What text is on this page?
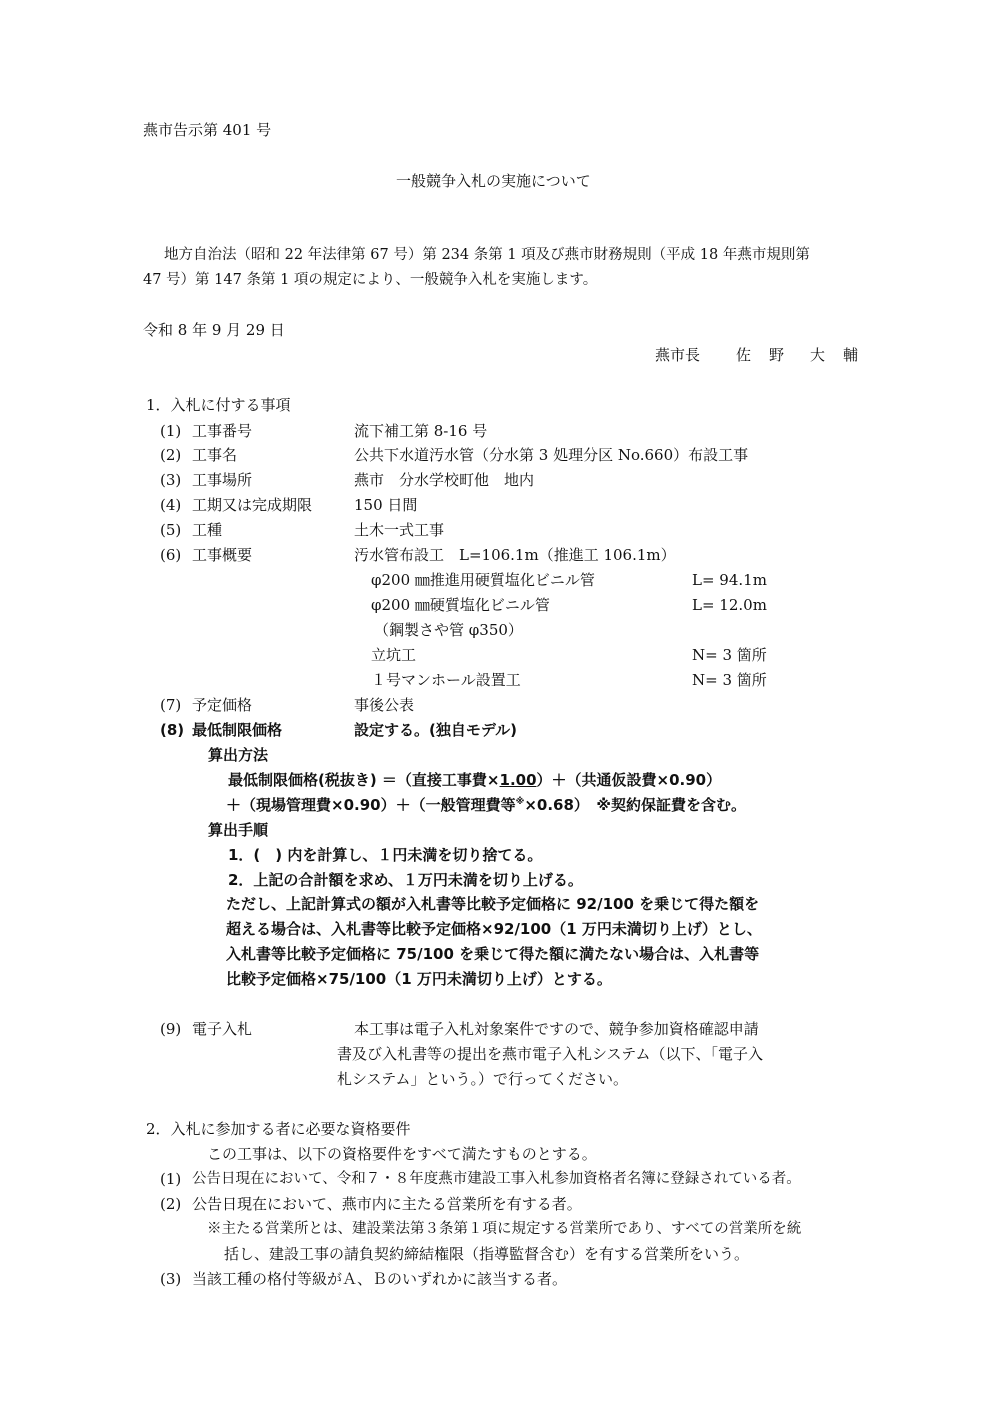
燕市告示第 401 号
一般競争入札の実施について
地方自治法（昭和 22 年法律第 67 号）第 234 条第 1 項及び燕市財務規則（平成 18 年燕市規則第
47 号）第 147 条第 1 項の規定により、一般競争入札を実施します。
令和 8 年 9 月 29 日
燕市長 佐 野 大 輔
1．入札に付する事項
(1) 工事番号	流下補工第 8-16 号
(2) 工事名	公共下水道汚水管（分水第 3 処理分区 No.660）布設工事
(3) 工事場所	燕市　分水学校町他　地内
(4) 工期又は完成期限	150 日間
(5) 工種	土木一式工事
(6) 工事概要	汚水管布設工　L=106.1m（推進工 106.1m）
φ200 ㎜推進用硬質塩化ビニル管	L= 94.1m
φ200 ㎜硬質塩化ビニル管	L= 12.0m
（鋼製さや管 φ350）
立坑工	N= 3 箇所
１号マンホール設置工	N= 3 箇所
(7) 予定価格	事後公表
(8) 最低制限価格	設定する。(独自モデル)
算出方法
最低制限価格(税抜き) ＝（直接工事費×1.00）＋（共通仮設費×0.90）
＋（現場管理費×0.90）＋（一般管理費等※×0.68）　※契約保証費を含む。
算出手順
1．(　) 内を計算し、１円未満を切り捨てる。
2．上記の合計額を求め、１万円未満を切り上げる。
ただし、上記計算式の額が入札書等比較予定価格に 92/100 を乗じて得た額を
超える場合は、入札書等比較予定価格×92/100（1 万円未満切り上げ）とし、
入札書等比較予定価格に 75/100 を乗じて得た額に満たない場合は、入札書等
比較予定価格×75/100（1 万円未満切り上げ）とする。
(9) 電子入札	本工事は電子入札対象案件ですので、競争参加資格確認申請
書及び入札書等の提出を燕市電子入札システム（以下、「電子入
札システム」という。）で行ってください。
2．入札に参加する者に必要な資格要件
この工事は、以下の資格要件をすべて満たすものとする。
(1) 公告日現在において、令和７・８年度燕市建設工事入札参加資格者名簿に登録されている者。
(2) 公告日現在において、燕市内に主たる営業所を有する者。
※主たる営業所とは、建設業法第３条第１項に規定する営業所であり、すべての営業所を統
括し、建設工事の請負契約締結権限（指導監督含む）を有する営業所をいう。
(3) 当該工種の格付等級がＡ、Ｂのいずれかに該当する者。
